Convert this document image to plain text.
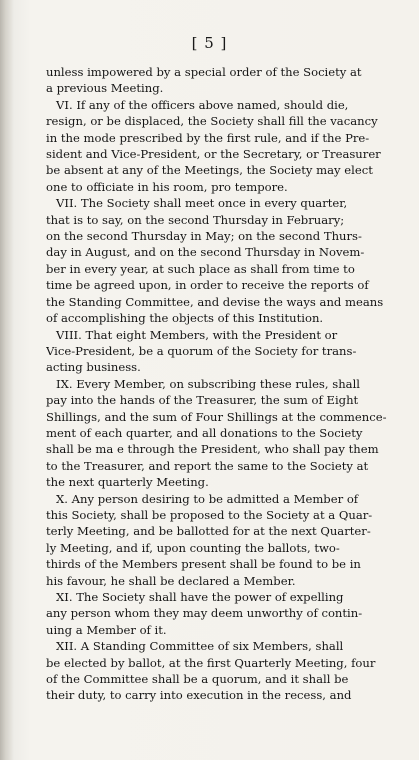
[ 5 ]
unless impowered by a special order of the Society at
a previous Meeting.
VI. If any of the officers above named, should die,
resign, or be displaced, the Society shall fill the vacancy
in the mode prescribed by the first rule, and if the Pre-
sident and Vice-President, or the Secretary, or Treasurer
be absent at any of the Meetings, the Society may elect
one to officiate in his room, pro tempore.
VII. The Society shall meet once in every quarter,
that is to say, on the second Thursday in February;
on the second Thursday in May; on the second Thurs-
day in August, and on the second Thursday in Novem-
ber in every year, at such place as shall from time to
time be agreed upon, in order to receive the reports of
the Standing Committee, and devise the ways and means
of accomplishing the objects of this Institution.
VIII. That eight Members, with the President or
Vice-President, be a quorum of the Society for trans-
acting business.
IX. Every Member, on subscribing these rules, shall
pay into the hands of the Treasurer, the sum of Eight
Shillings, and the sum of Four Shillings at the commence-
ment of each quarter, and all donations to the Society
shall be ma e through the President, who shall pay them
to the Treasurer, and report the same to the Society at
the next quarterly Meeting.
X. Any person desiring to be admitted a Member of
this Society, shall be proposed to the Society at a Quar-
terly Meeting, and be ballotted for at the next Quarter-
ly Meeting, and if, upon counting the ballots, two-
thirds of the Members present shall be found to be in
his favour, he shall be declared a Member.
XI. The Society shall have the power of expelling
any person whom they may deem unworthy of contin-
uing a Member of it.
XII. A Standing Committee of six Members, shall
be elected by ballot, at the first Quarterly Meeting, four
of the Committee shall be a quorum, and it shall be
their duty, to carry into execution in the recess, and
